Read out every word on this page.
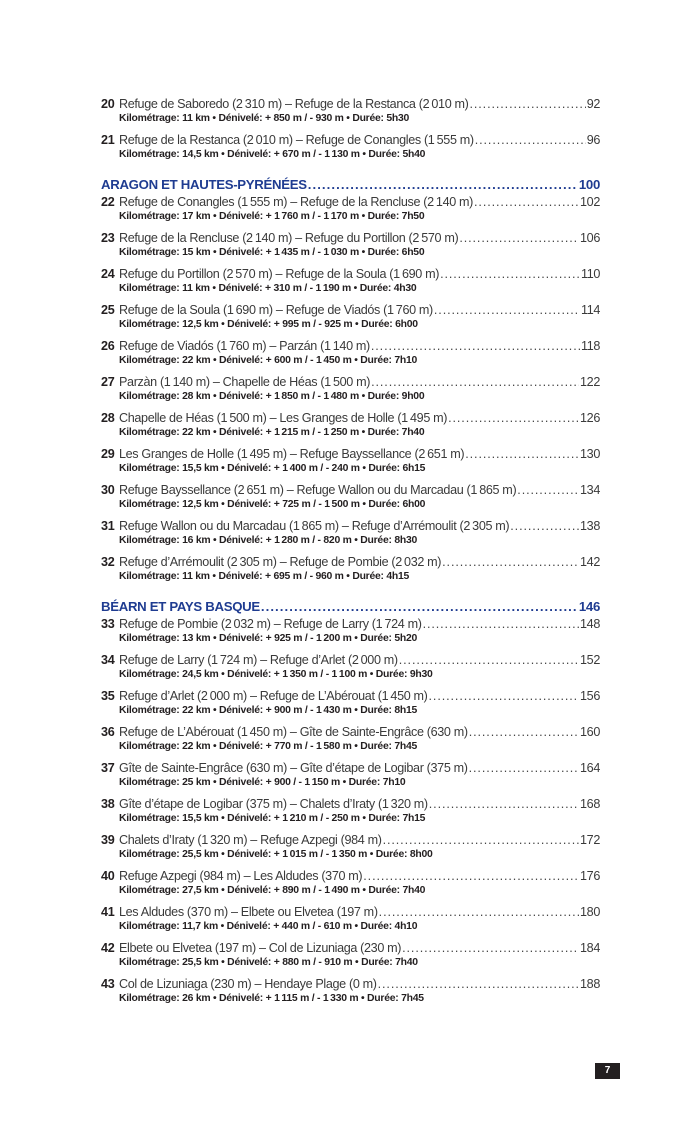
20 Refuge de Saboredo (2 310 m) – Refuge de la Restanca (2 010 m) . . .	92
Kilométrage: 11 km • Dénivelé: + 850 m / - 930 m • Durée: 5h30
21 Refuge de la Restanca (2 010 m) – Refuge de Conangles (1 555 m) . . .	96
Kilométrage: 14,5 km • Dénivelé: + 670 m / - 1 130 m • Durée: 5h40
ARAGON ET HAUTES-PYRÉNÉES . . .	100
22 Refuge de Conangles (1 555 m) – Refuge de la Rencluse (2 140 m) . . .	102
Kilométrage: 17 km • Dénivelé: + 1 760 m / - 1 170 m • Durée: 7h50
23 Refuge de la Rencluse (2 140 m) – Refuge du Portillon (2 570 m) . . .	106
Kilométrage: 15 km • Dénivelé: + 1 435 m / - 1 030 m • Durée: 6h50
24 Refuge du Portillon (2 570 m) – Refuge de la Soula (1 690 m) . . .	110
Kilométrage: 11 km • Dénivelé: + 310 m / - 1 190 m • Durée: 4h30
25 Refuge de la Soula (1 690 m) – Refuge de Viadós (1 760 m) . . .	114
Kilométrage: 12,5 km • Dénivelé: + 995 m / - 925 m • Durée: 6h00
26 Refuge de Viadós (1 760 m) – Parzán (1 140 m) . . .	118
Kilométrage: 22 km • Dénivelé: + 600 m / - 1 450 m • Durée: 7h10
27 Parzàn (1 140 m) – Chapelle de Héas (1 500 m) . . .	122
Kilométrage: 28 km • Dénivelé: + 1 850 m / - 1 480 m • Durée: 9h00
28 Chapelle de Héas (1 500 m) – Les Granges de Holle (1 495 m) . . .	126
Kilométrage: 22 km • Dénivelé: + 1 215 m / - 1 250 m • Durée: 7h40
29 Les Granges de Holle (1 495 m) – Refuge Bayssellance (2 651 m) . . .	130
Kilométrage: 15,5 km • Dénivelé: + 1 400 m / - 240 m • Durée: 6h15
30 Refuge Bayssellance (2 651 m) – Refuge Wallon ou du Marcadau (1 865 m) . . .	134
Kilométrage: 12,5 km • Dénivelé: + 725 m / - 1 500 m • Durée: 6h00
31 Refuge Wallon ou du Marcadau (1 865 m) – Refuge d’Arrémoulit (2 305 m) . . .	138
Kilométrage: 16 km • Dénivelé: + 1 280 m / - 820 m • Durée: 8h30
32 Refuge d’Arrémoulit (2 305 m) – Refuge de Pombie (2 032 m) . . .	142
Kilométrage: 11 km • Dénivelé: + 695 m / - 960 m • Durée: 4h15
BÉARN ET PAYS BASQUE . . .	146
33 Refuge de Pombie (2 032 m) – Refuge de Larry (1 724 m) . . .	148
Kilométrage: 13 km • Dénivelé: + 925 m / - 1 200 m • Durée: 5h20
34 Refuge de Larry (1 724 m) – Refuge d’Arlet (2 000 m) . . .	152
Kilométrage: 24,5 km • Dénivelé: + 1 350 m / - 1 100 m • Durée: 9h30
35 Refuge d’Arlet (2 000 m) – Refuge de L’Abérouat (1 450 m) . . .	156
Kilométrage: 22 km • Dénivelé: + 900 m / - 1 430 m • Durée: 8h15
36 Refuge de L’Abérouat (1 450 m) – Gîte de Sainte-Engrâce (630 m) . . .	160
Kilométrage: 22 km • Dénivelé: + 770 m / - 1 580 m • Durée: 7h45
37 Gîte de Sainte-Engrâce (630 m) – Gîte d’étape de Logibar (375 m) . . .	164
Kilométrage: 25 km • Dénivelé: + 900 / - 1 150 m • Durée: 7h10
38 Gîte d’étape de Logibar (375 m) – Chalets d’Iraty (1 320 m) . . .	168
Kilométrage: 15,5 km • Dénivelé: + 1 210 m / - 250 m • Durée: 7h15
39 Chalets d’Iraty (1 320 m) – Refuge Azpegi (984 m) . . .	172
Kilométrage: 25,5 km • Dénivelé: + 1 015 m / - 1 350 m • Durée: 8h00
40 Refuge Azpegi (984 m) – Les Aldudes (370 m) . . .	176
Kilométrage: 27,5 km • Dénivelé: + 890 m / - 1 490 m • Durée: 7h40
41 Les Aldudes (370 m) – Elbete ou Elvetea (197 m) . . .	180
Kilométrage: 11,7 km • Dénivelé: + 440 m / - 610 m • Durée: 4h10
42 Elbete ou Elvetea (197 m) – Col de Lizuniaga (230 m) . . .	184
Kilométrage: 25,5 km • Dénivelé: + 880 m / - 910 m • Durée: 7h40
43 Col de Lizuniaga (230 m) – Hendaye Plage (0 m) . . .	188
Kilométrage: 26 km • Dénivelé: + 1 115 m / - 1 330 m • Durée: 7h45
7
